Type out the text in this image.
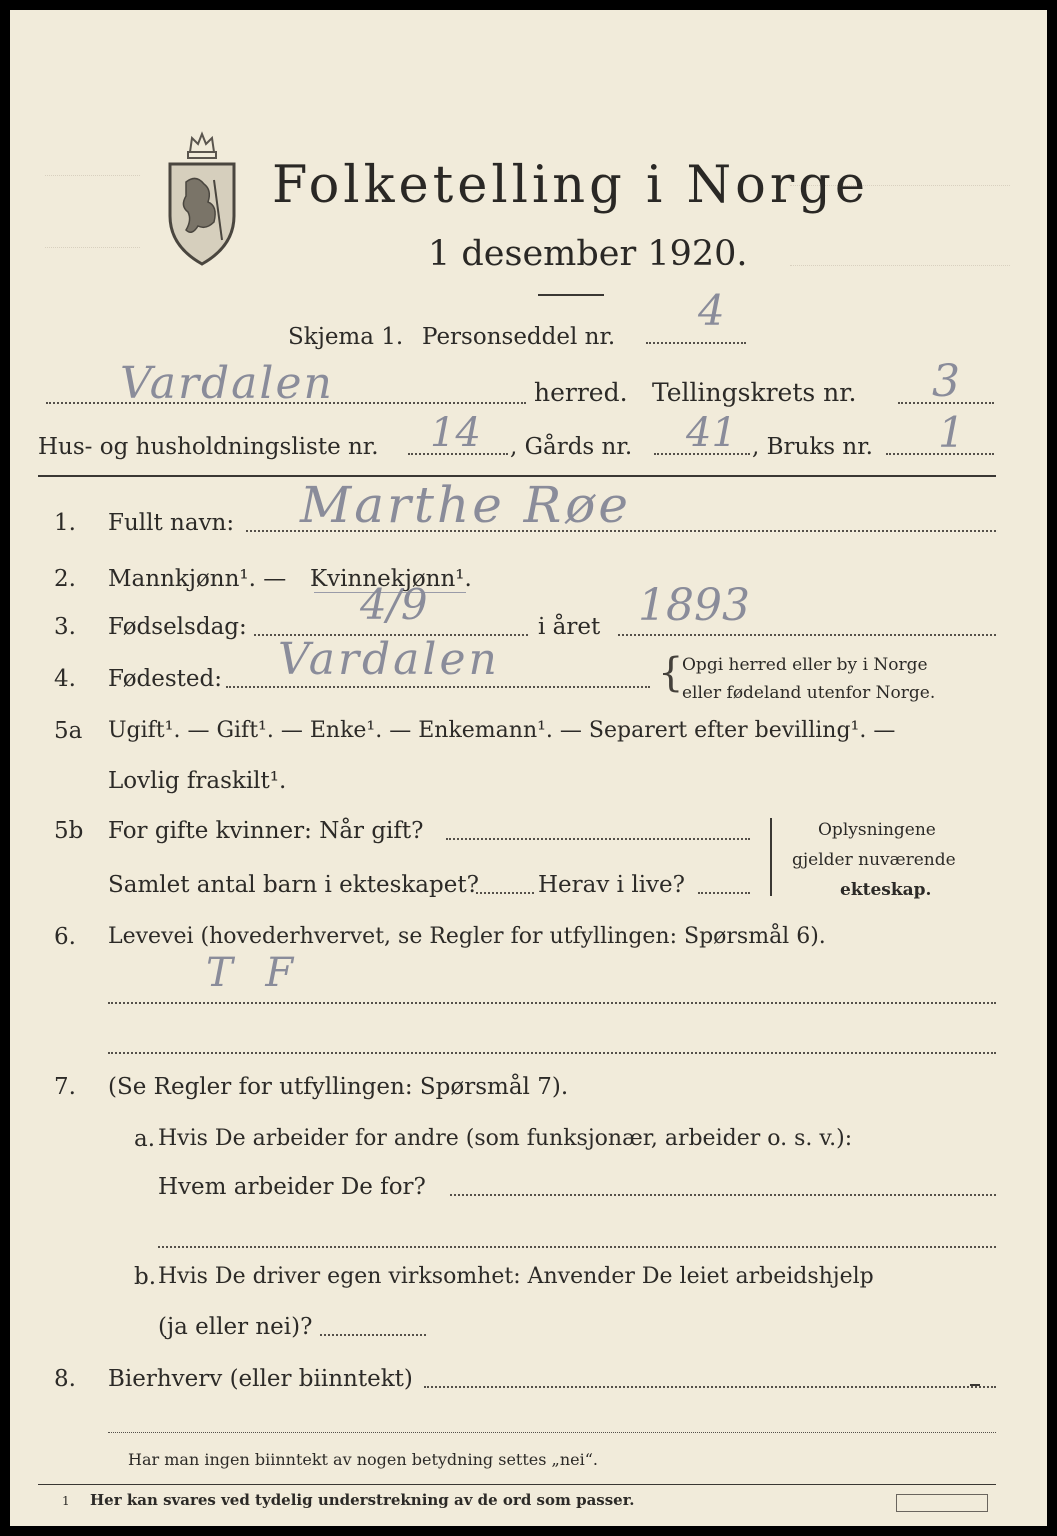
Folketelling i Norge
1 desember 1920.
Skjema 1. Personseddel nr.
4
Vardalen	herred. Tellingskrets nr. 3
Hus- og husholdningsliste nr. 14 , Gårds nr. 41 , Bruks nr. 1
1. Fullt navn: Marthe Røe
2. Mannkjønn¹. — Kvinnekjønn¹.
3. Fødselsdag:	4/9	i året 1893
4. Fødested: Vardalen	{
Opgi herred eller by i Norge
eller fødeland utenfor Norge.
5a Ugift¹. — Gift¹. — Enke¹. — Enkemann¹. — Separert efter bevilling¹. —
Lovlig fraskilt¹.
5b For gifte kvinner: Når gift?
Samlet antal barn i ekteskapet?	Herav i live?
Oplysningene
gjelder nuværende
ekteskap.
6. Levevei (hovederhvervet, se Regler for utfyllingen: Spørsmål 6).
T F
7. (Se Regler for utfyllingen: Spørsmål 7).
a. Hvis De arbeider for andre (som funksjonær, arbeider o. s. v.):
Hvem arbeider De for?
b. Hvis De driver egen virksomhet: Anvender De leiet arbeidshjelp
(ja eller nei)?
8. Bierhverv (eller biinntekt)
Har man ingen biinntekt av nogen betydning settes „nei“.
1 Her kan svares ved tydelig understrekning av de ord som passer.
